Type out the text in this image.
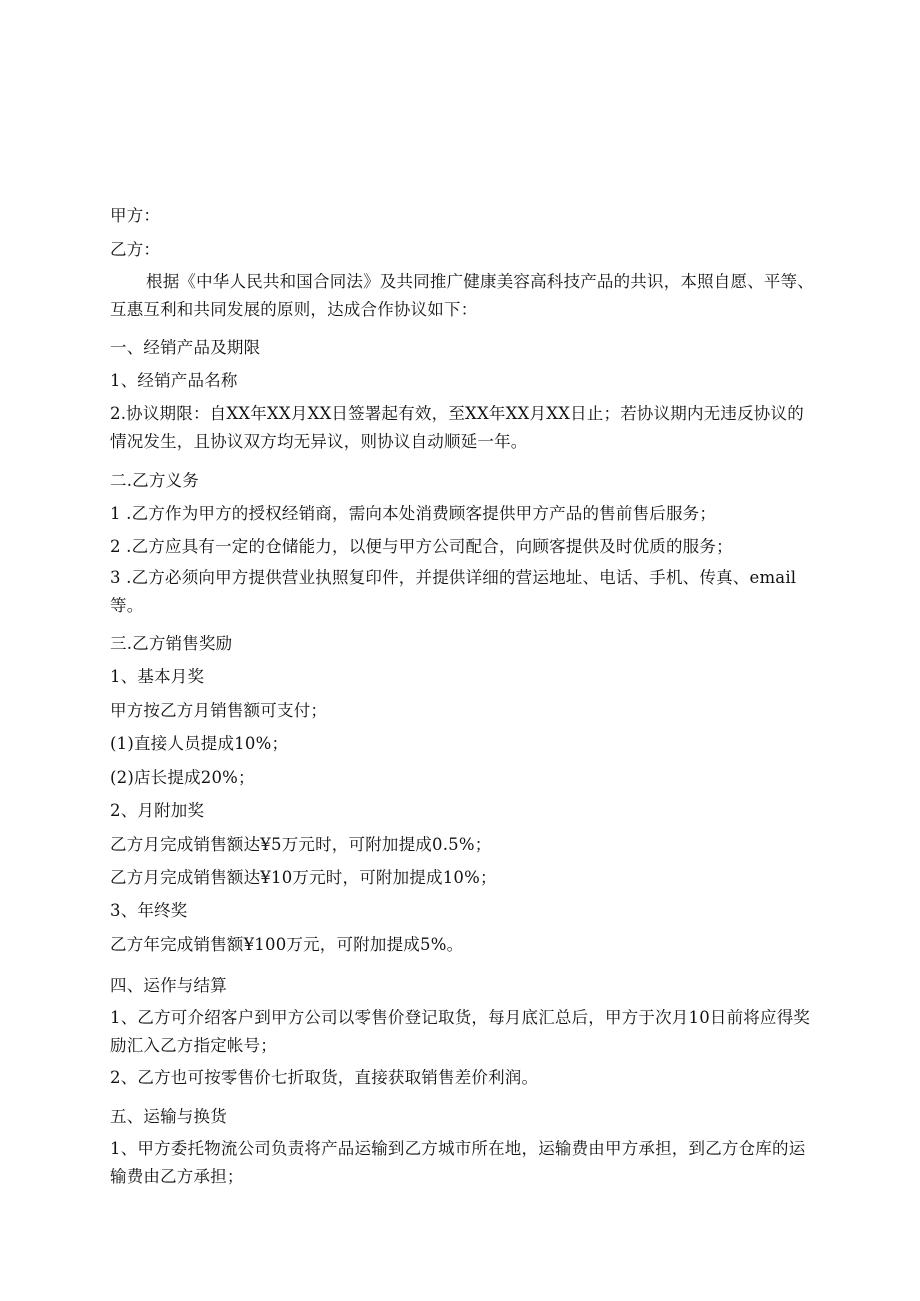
甲方：
乙方：
根据《中华人民共和国合同法》及共同推广健康美容高科技产品的共识，本照自愿、平等、互惠互利和共同发展的原则，达成合作协议如下：
一、经销产品及期限
1、经销产品名称
2.协议期限：自XX年XX月XX日签署起有效，至XX年XX月XX日止；若协议期内无违反协议的情况发生，且协议双方均无异议，则协议自动顺延一年。
二.乙方义务
1 .乙方作为甲方的授权经销商，需向本处消费顾客提供甲方产品的售前售后服务；
2 .乙方应具有一定的仓储能力，以便与甲方公司配合，向顾客提供及时优质的服务；
3 .乙方必须向甲方提供营业执照复印件，并提供详细的营运地址、电话、手机、传真、email等。
三.乙方销售奖励
1、基本月奖
甲方按乙方月销售额可支付；
(1)直接人员提成10%；
(2)店长提成20%；
2、月附加奖
乙方月完成销售额达¥5万元时，可附加提成0.5%；
乙方月完成销售额达¥10万元时，可附加提成10%；
3、年终奖
乙方年完成销售额¥100万元，可附加提成5%。
四、运作与结算
1、乙方可介绍客户到甲方公司以零售价登记取货，每月底汇总后，甲方于次月10日前将应得奖励汇入乙方指定帐号；
2、乙方也可按零售价七折取货，直接获取销售差价利润。
五、运输与换货
1、甲方委托物流公司负责将产品运输到乙方城市所在地，运输费由甲方承担，到乙方仓库的运输费由乙方承担；
